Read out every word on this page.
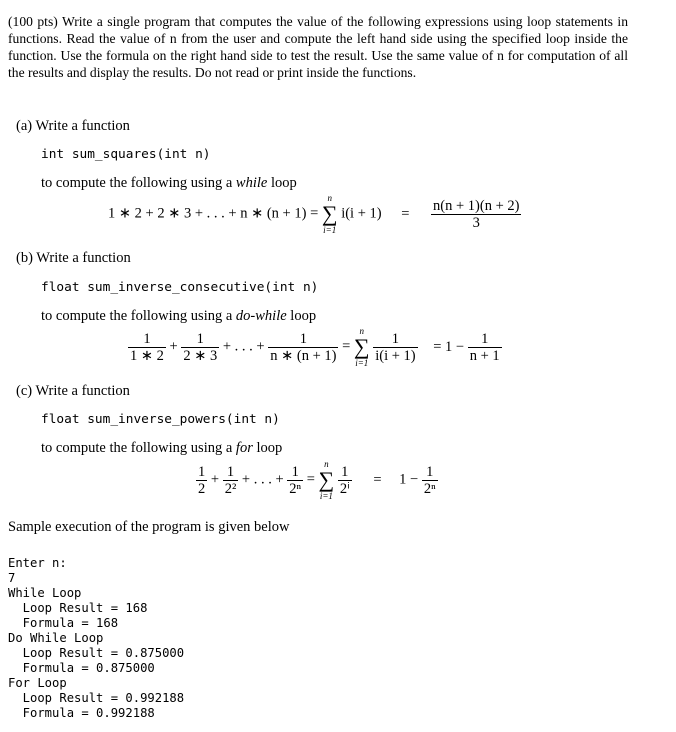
(100 pts) Write a single program that computes the value of the following expressions using loop statements in functions. Read the value of n from the user and compute the left hand side using the specified loop inside the function. Use the formula on the right hand side to test the result. Use the same value of n for computation of all the results and display the results. Do not read or print inside the functions.
(a) Write a function
int sum_squares(int n)
to compute the following using a while loop
1 ∗ 2 + 2 ∗ 3 + . . . + n ∗ (n + 1) =
n
∑
i=1
$i(i + 1) = \frac{n(n + 1)(n + 2)}{3}$
(b) Write a function
float sum_inverse_consecutive(int n)
to compute the following using a do-while loop
$\frac{1}{1 ∗ 2} + \frac{1}{2 ∗ 3}$ + . . . + $\frac{1}{n ∗ (n + 1)}$ =
n
∑
i=1
$\frac{1}{i(i + 1)} = 1 - \frac{1}{n + 1}$
(c) Write a function
float sum_inverse_powers(int n)
to compute the following using a for loop
$\frac{1}{2} + \frac{1}{\text{2²}}$ + . . . + $\frac{1}{\text{2ⁿ}}$ =
n
∑
i=1
$\frac{1}{\text{2ⁱ}} = 1 - \frac{1}{\text{2ⁿ}}$
Sample execution of the program is given below
Enter n:
7
While Loop
Loop Result = 168
Formula = 168
Do While Loop
Loop Result = 0.875000
Formula = 0.875000
For Loop
Loop Result = 0.992188
Formula = 0.992188
